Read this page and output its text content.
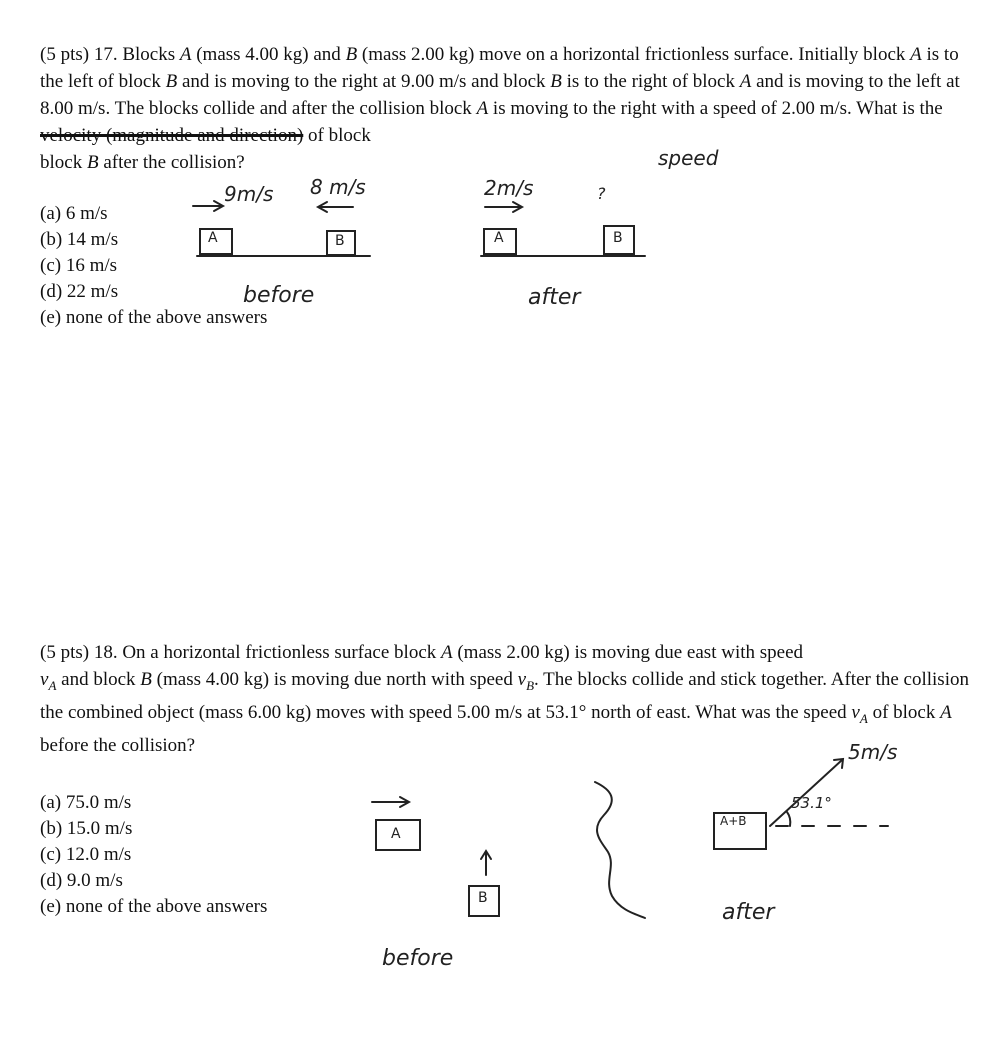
(5 pts) 17. Blocks A (mass 4.00 kg) and B (mass 2.00 kg) move on a horizontal frictionless surface. Initially block A is to the left of block B and is moving to the right at 9.00 m/s and block B is to the right of block A and is moving to the left at 8.00 m/s. The blocks collide and after the collision block A is moving to the right with a speed of 2.00 m/s. What is the velocity (magnitude and direction) of block
block B after the collision?

(a) 6 m/s
(b) 14 m/s
(c) 16 m/s
(d) 22 m/s
(e) none of the above answers
A	B	A	B
speed
9m/s 8 m/s	2m/s	?
before	after

(5 pts) 18. On a horizontal frictionless surface block A (mass 2.00 kg) is moving due east with speed
$v_A$ and block B (mass 4.00 kg) is moving due north with speed $v_B$. The blocks collide and stick together. After the collision the combined object (mass 6.00 kg) moves with speed 5.00 m/s at 53.1° north of east. What was the speed $v_A$ of block A before the collision?

(a) 75.0 m/s
(b) 15.0 m/s
(c) 12.0 m/s
(d) 9.0 m/s
(e) none of the above answers
A
B
A+B
5m/s
53.1°
before
after
